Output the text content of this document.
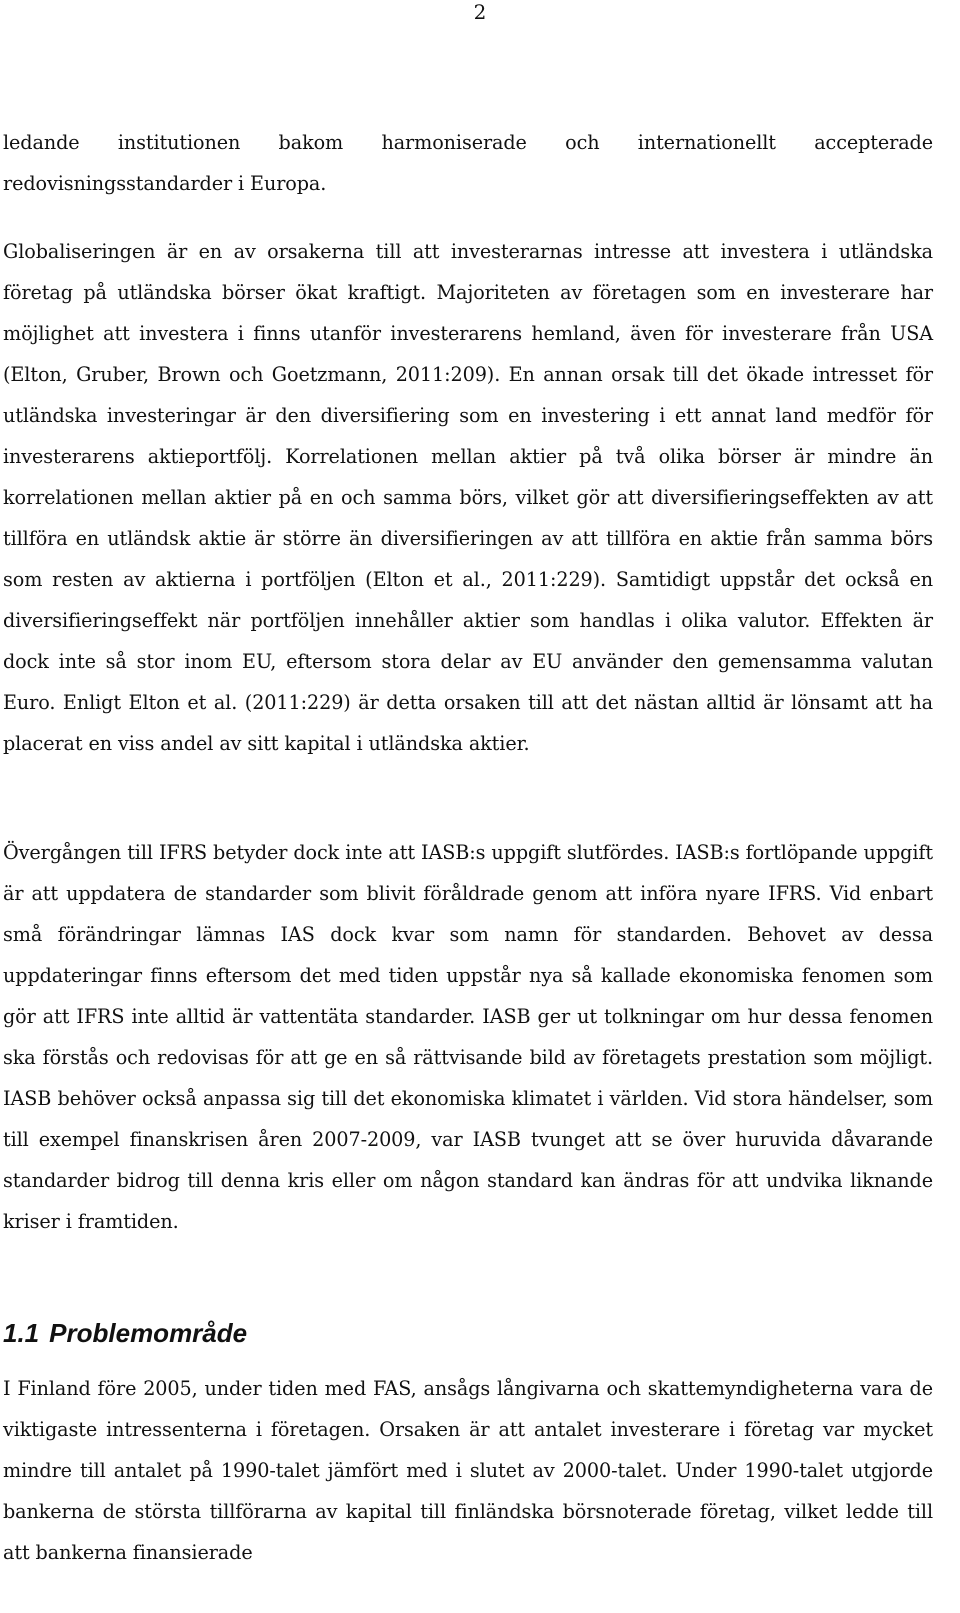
2

ledande institutionen bakom harmoniserade och internationellt accepterade redovisningsstandarder i Europa.

Globaliseringen är en av orsakerna till att investerarnas intresse att investera i utländska företag på utländska börser ökat kraftigt. Majoriteten av företagen som en investerare har möjlighet att investera i finns utanför investerarens hemland, även för investerare från USA (Elton, Gruber, Brown och Goetzmann, 2011:209). En annan orsak till det ökade intresset för utländska investeringar är den diversifiering som en investering i ett annat land medför för investerarens aktieportfölj. Korrelationen mellan aktier på två olika börser är mindre än korrelationen mellan aktier på en och samma börs, vilket gör att diversifieringseffekten av att tillföra en utländsk aktie är större än diversifieringen av att tillföra en aktie från samma börs som resten av aktierna i portföljen (Elton et al., 2011:229). Samtidigt uppstår det också en diversifieringseffekt när portföljen innehåller aktier som handlas i olika valutor. Effekten är dock inte så stor inom EU, eftersom stora delar av EU använder den gemensamma valutan Euro. Enligt Elton et al. (2011:229) är detta orsaken till att det nästan alltid är lönsamt att ha placerat en viss andel av sitt kapital i utländska aktier.

Övergången till IFRS betyder dock inte att IASB:s uppgift slutfördes. IASB:s fortlöpande uppgift är att uppdatera de standarder som blivit föråldrade genom att införa nyare IFRS. Vid enbart små förändringar lämnas IAS dock kvar som namn för standarden. Behovet av dessa uppdateringar finns eftersom det med tiden uppstår nya så kallade ekonomiska fenomen som gör att IFRS inte alltid är vattentäta standarder. IASB ger ut tolkningar om hur dessa fenomen ska förstås och redovisas för att ge en så rättvisande bild av företagets prestation som möjligt. IASB behöver också anpassa sig till det ekonomiska klimatet i världen. Vid stora händelser, som till exempel finanskrisen åren 2007-2009, var IASB tvunget att se över huruvida dåvarande standarder bidrog till denna kris eller om någon standard kan ändras för att undvika liknande kriser i framtiden.

1.1 Problemområde

I Finland före 2005, under tiden med FAS, ansågs långivarna och skattemyndigheterna vara de viktigaste intressenterna i företagen. Orsaken är att antalet investerare i företag var mycket mindre till antalet på 1990-talet jämfört med i slutet av 2000-talet. Under 1990-talet utgjorde bankerna de största tillförarna av kapital till finländska börsnoterade företag, vilket ledde till att bankerna finansierade
